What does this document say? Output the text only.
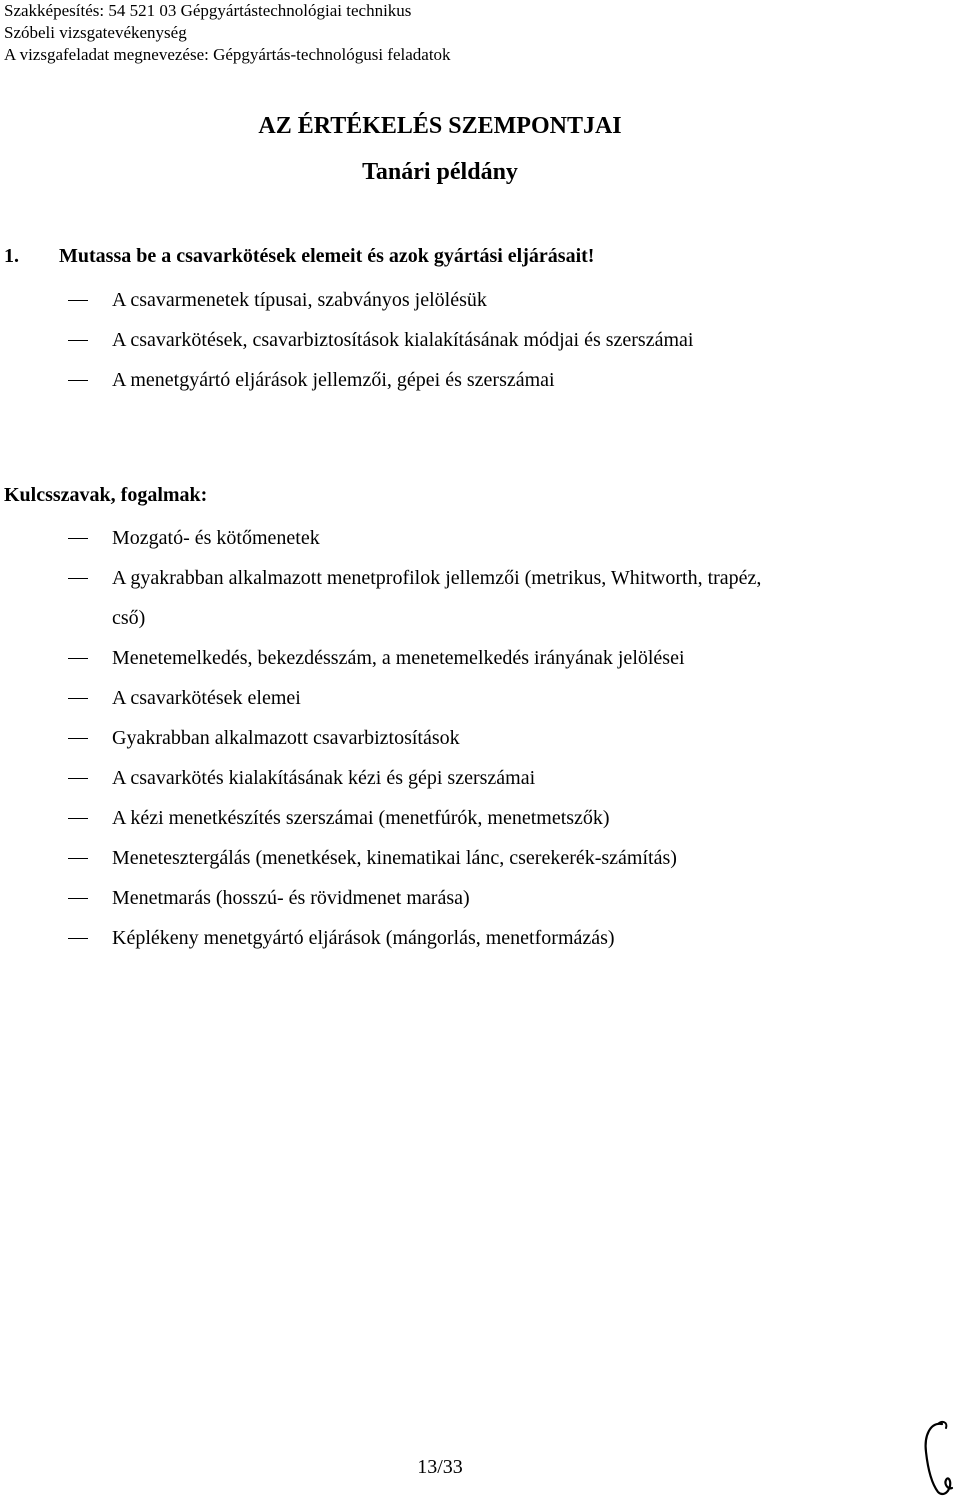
Szakképesítés: 54 521 03 Gépgyártástechnológiai technikus
Szóbeli vizsgatevékenység
A vizsgafeladat megnevezése: Gépgyártás-technológusi feladatok
AZ ÉRTÉKELÉS SZEMPONTJAI
Tanári példány
1. Mutassa be a csavarkötések elemeit és azok gyártási eljárásait!
A csavarmenetek típusai, szabványos jelölésük
A csavarkötések, csavarbiztosítások kialakításának módjai és szerszámai
A menetgyártó eljárások jellemzői, gépei és szerszámai
Kulcsszavak, fogalmak:
Mozgató- és kötőmenetek
A gyakrabban alkalmazott menetprofilok jellemzői (metrikus, Whitworth, trapéz,
cső)
Menetemelkedés, bekezdésszám, a menetemelkedés irányának jelölései
A csavarkötések elemei
Gyakrabban alkalmazott csavarbiztosítások
A csavarkötés kialakításának kézi és gépi szerszámai
A kézi menetkészítés szerszámai (menetfúrók, menetmetszők)
Menetesztergálás (menetkések, kinematikai lánc, cserekerék-számítás)
Menetmarás (hosszú- és rövidmenet marása)
Képlékeny menetgyártó eljárások (mángorlás, menetformázás)
13/33
